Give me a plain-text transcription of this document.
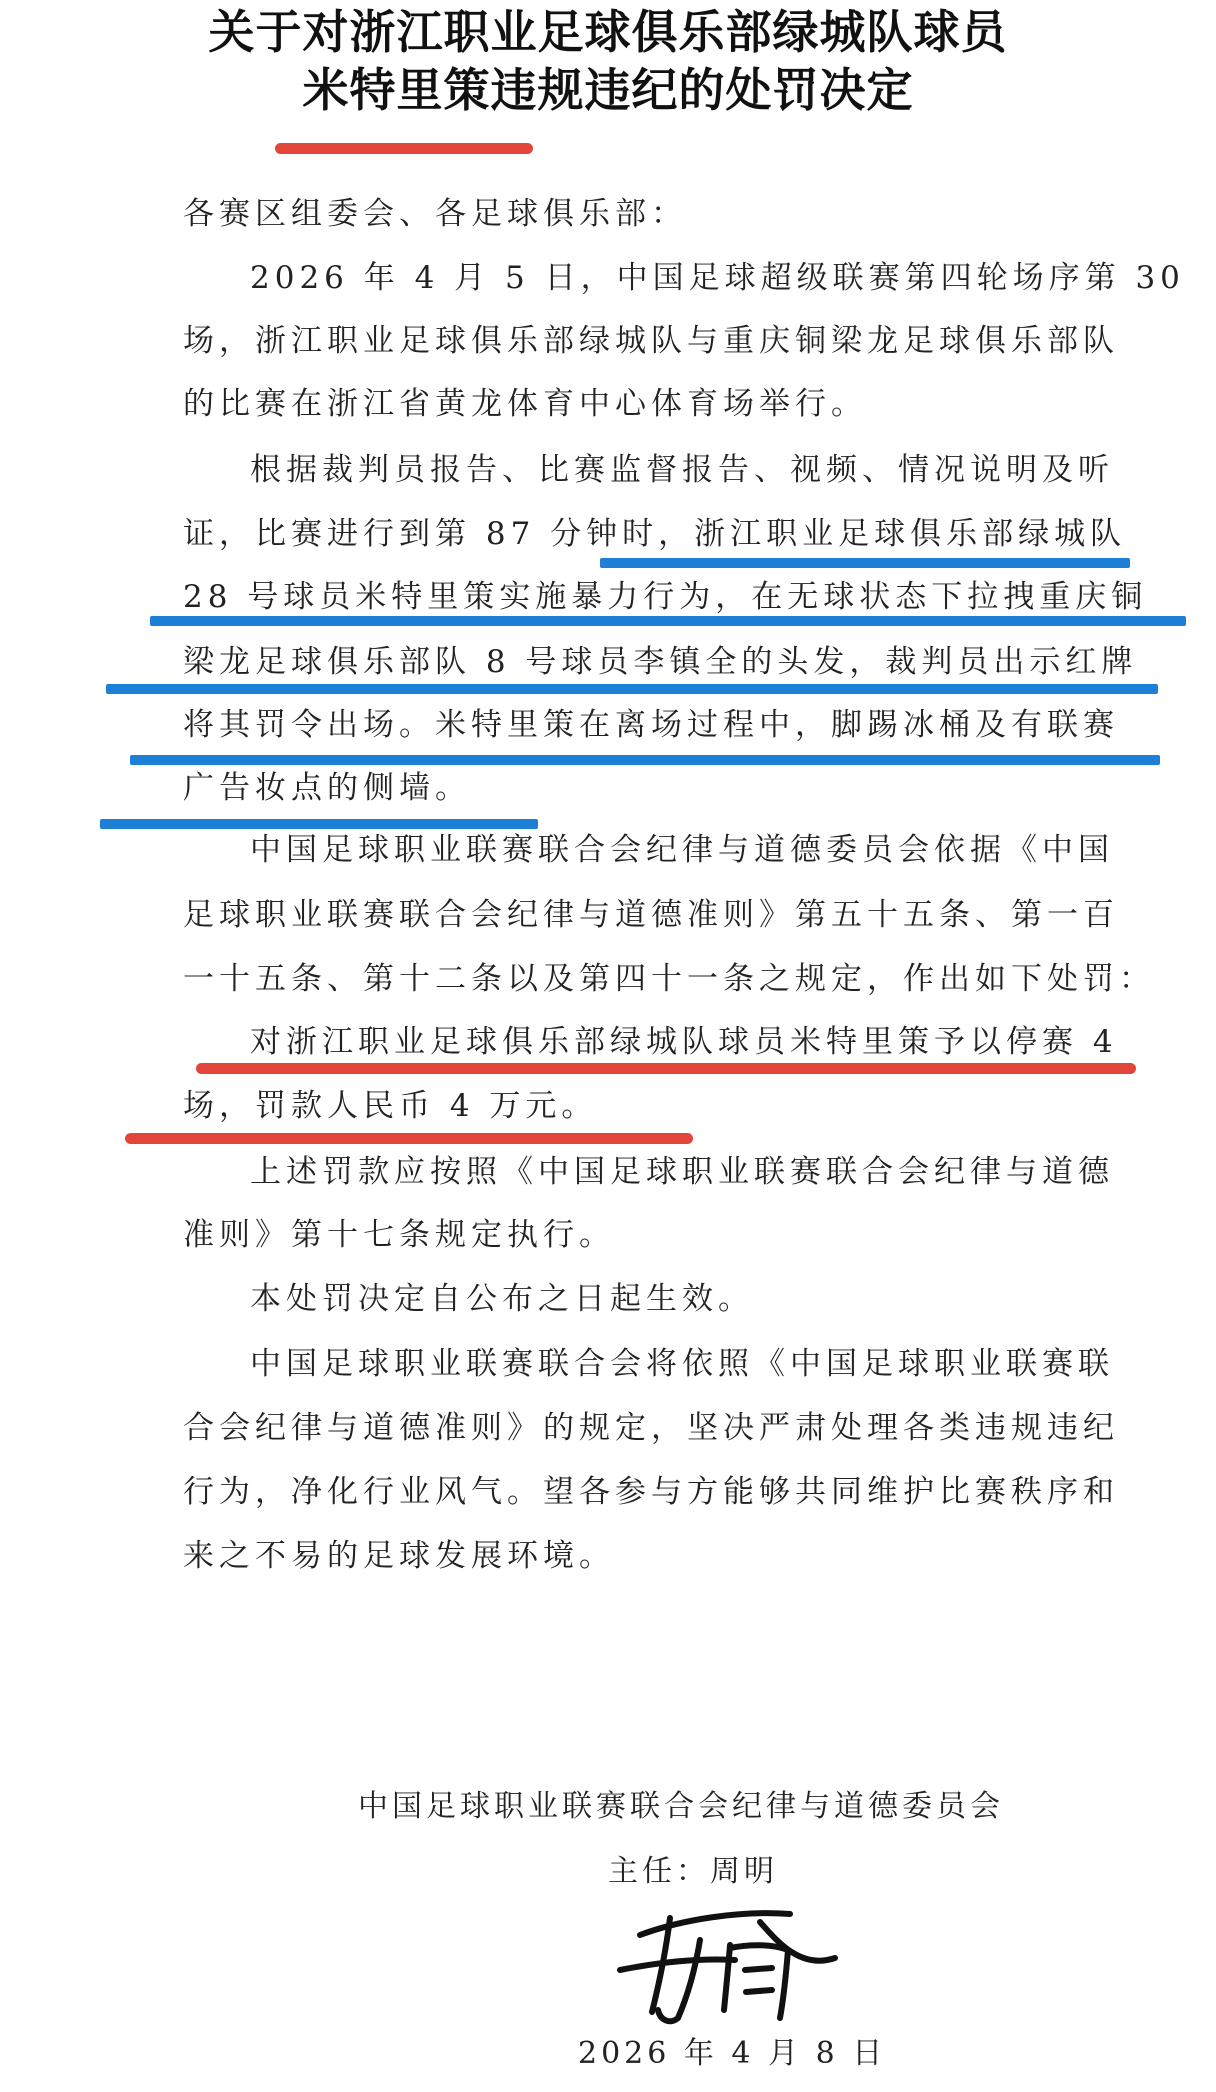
关于对浙江职业足球俱乐部绿城队球员
米特里策违规违纪的处罚决定
各赛区组委会、各足球俱乐部：
2026 年 4 月 5 日，中国足球超级联赛第四轮场序第 30
场，浙江职业足球俱乐部绿城队与重庆铜梁龙足球俱乐部队
的比赛在浙江省黄龙体育中心体育场举行。
根据裁判员报告、比赛监督报告、视频、情况说明及听
证，比赛进行到第 87 分钟时，浙江职业足球俱乐部绿城队
28 号球员米特里策实施暴力行为，在无球状态下拉拽重庆铜
梁龙足球俱乐部队 8 号球员李镇全的头发，裁判员出示红牌
将其罚令出场。米特里策在离场过程中，脚踢冰桶及有联赛
广告妆点的侧墙。
中国足球职业联赛联合会纪律与道德委员会依据《中国
足球职业联赛联合会纪律与道德准则》第五十五条、第一百
一十五条、第十二条以及第四十一条之规定，作出如下处罚：
对浙江职业足球俱乐部绿城队球员米特里策予以停赛 4
场，罚款人民币 4 万元。
上述罚款应按照《中国足球职业联赛联合会纪律与道德
准则》第十七条规定执行。
本处罚决定自公布之日起生效。
中国足球职业联赛联合会将依照《中国足球职业联赛联
合会纪律与道德准则》的规定，坚决严肃处理各类违规违纪
行为，净化行业风气。望各参与方能够共同维护比赛秩序和
来之不易的足球发展环境。
中国足球职业联赛联合会纪律与道德委员会
主任：周明
2026 年 4 月 8 日
